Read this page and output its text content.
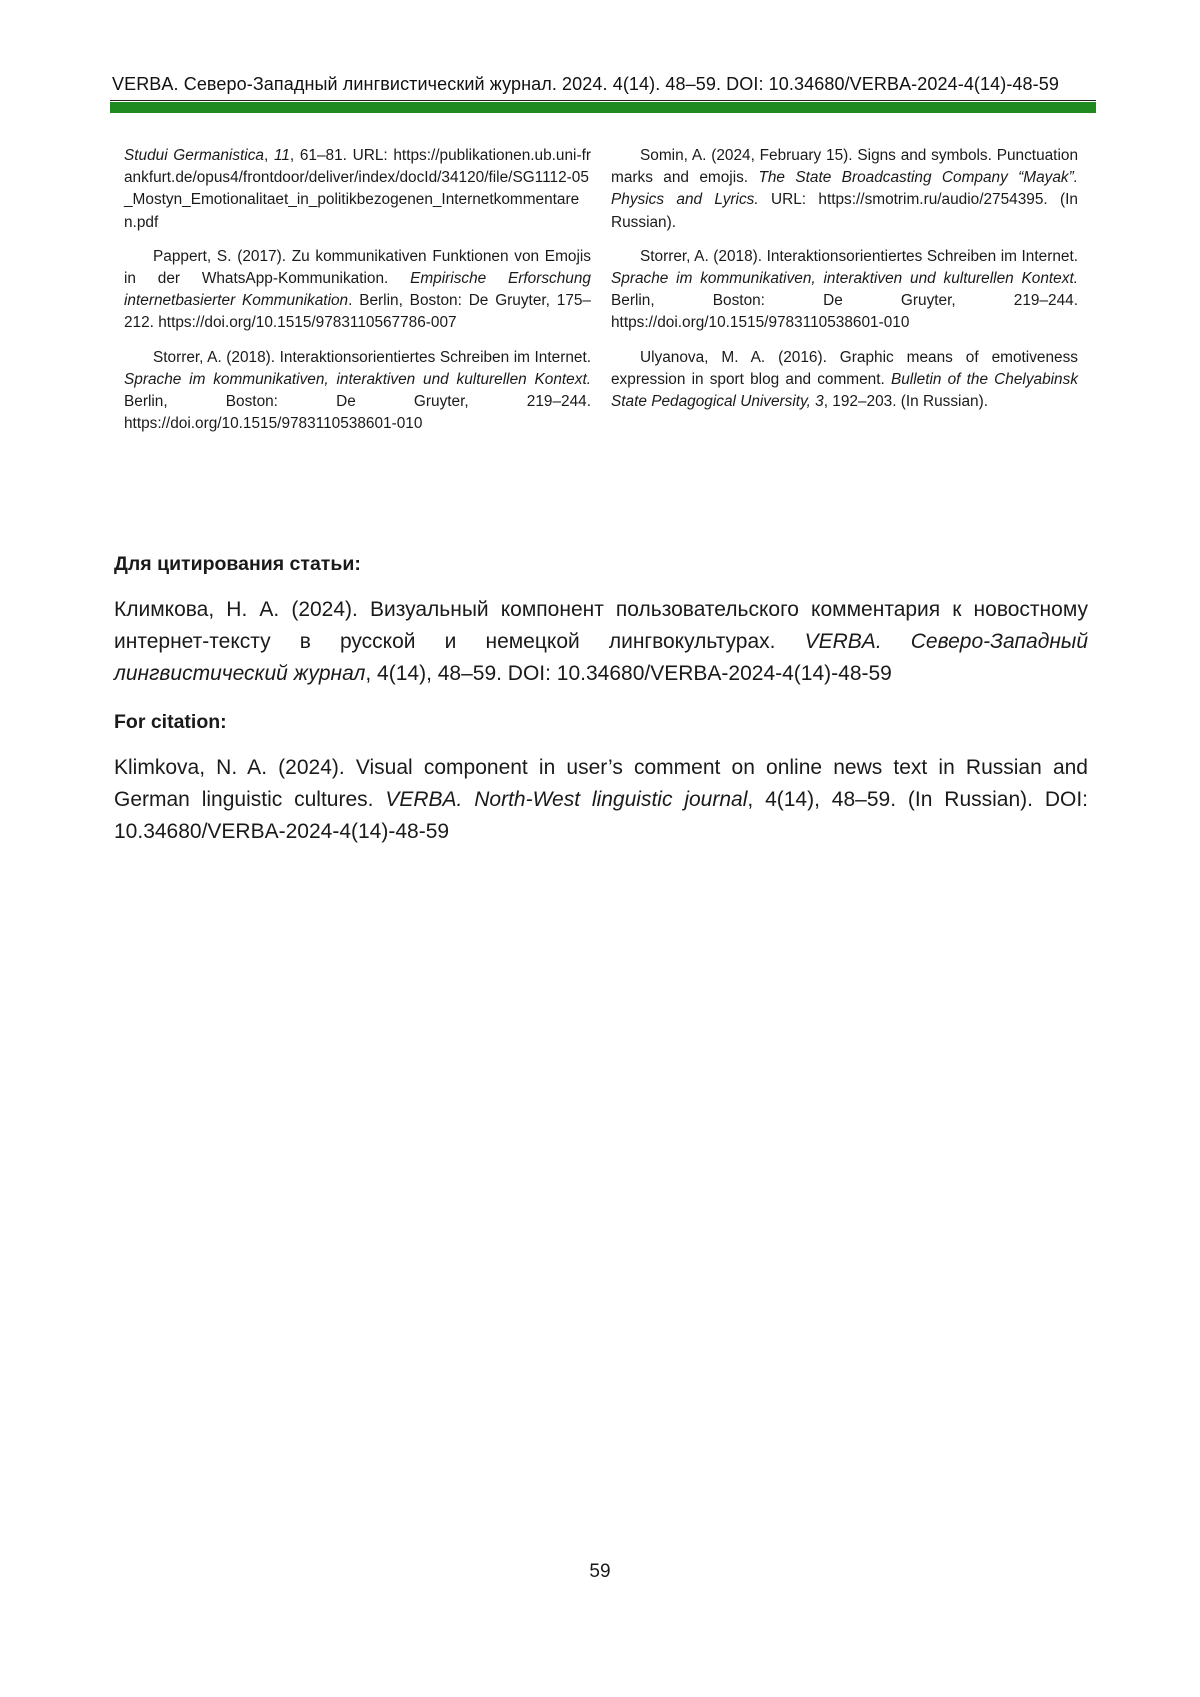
VERBA. Северо-Западный лингвистический журнал. 2024. 4(14). 48–59. DOI: 10.34680/VERBA-2024-4(14)-48-59

Studui Germanistica, 11, 61–81. URL: https://publikationen.ub.uni-frankfurt.de/opus4/frontdoor/deliver/index/docId/34120/file/SG1112-05_Mostyn_Emotionalitaet_in_politikbezogenen_Internetkommentaren.pdf

Pappert, S. (2017). Zu kommunikativen Funktionen von Emojis in der WhatsApp-Kommunikation. Empirische Erforschung internetbasierter Kommunikation. Berlin, Boston: De Gruyter, 175–212. https://doi.org/10.1515/9783110567786-007

Storrer, A. (2018). Interaktionsorientiertes Schreiben im Internet. Sprache im kommunikativen, interaktiven und kulturellen Kontext. Berlin, Boston: De Gruyter, 219–244. https://doi.org/10.1515/9783110538601-010

Somin, A. (2024, February 15). Signs and symbols. Punctuation marks and emojis. The State Broadcasting Company “Mayak”. Physics and Lyrics. URL: https://smotrim.ru/audio/2754395. (In Russian).

Storrer, A. (2018). Interaktionsorientiertes Schreiben im Internet. Sprache im kommunikativen, interaktiven und kulturellen Kontext. Berlin, Boston: De Gruyter, 219–244. https://doi.org/10.1515/9783110538601-010

Ulyanova, M. A. (2016). Graphic means of emotiveness expression in sport blog and comment. Bulletin of the Chelyabinsk State Pedagogical University, 3, 192–203. (In Russian).

Для цитирования статьи:
Климкова, Н. А. (2024). Визуальный компонент пользовательского комментария к новостному интернет-тексту в русской и немецкой лингвокультурах. VERBA. Северо-Западный лингвистический журнал, 4(14), 48–59. DOI: 10.34680/VERBA-2024-4(14)-48-59
For citation:
Klimkova, N. A. (2024). Visual component in user’s comment on online news text in Russian and German linguistic cultures. VERBA. North-West linguistic journal, 4(14), 48–59. (In Russian). DOI: 10.34680/VERBA-2024-4(14)-48-59
59
